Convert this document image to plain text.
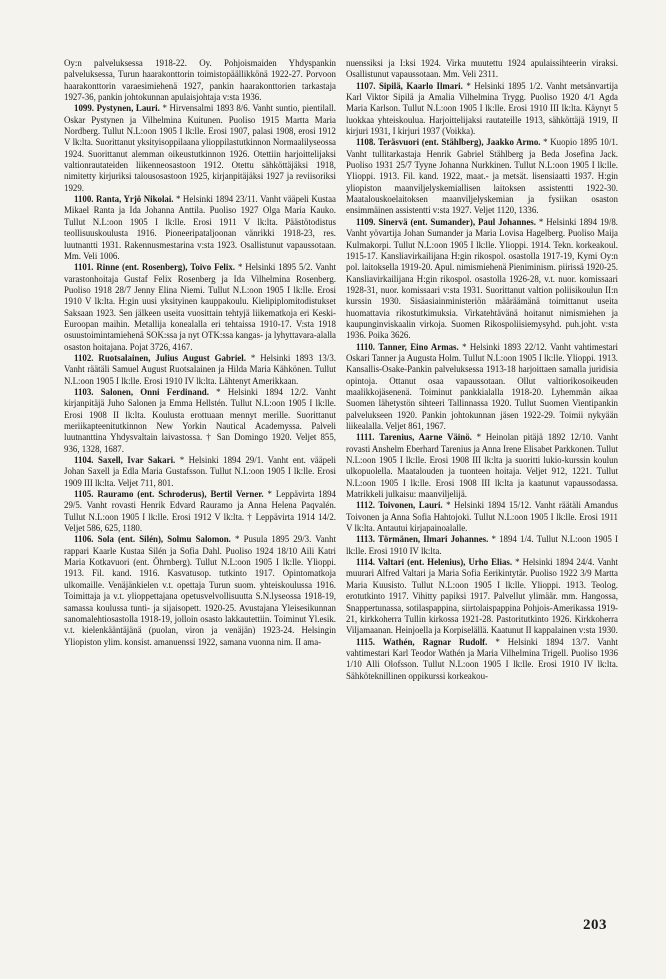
Oy:n palveluksessa 1918-22. Oy. Pohjoismaiden Yhdyspankin palveluksessa, Turun haarakonttorin toimistopäällikkönä 1922-27. Porvoon haarakonttorin varaesimiehenä 1927, pankin haarakonttorien tarkastaja 1927-36, pankin johtokunnan apulaisjohtaja v:sta 1936.

1099. Pystynen, Lauri. * Hirvensalmi 1893 8/6. Vanht suntio, pientilall. Oskar Pystynen ja Vilhelmina Kuitunen. Puoliso 1915 Martta Maria Nordberg. Tullut N.L:oon 1905 I lk:lle. Erosi 1907, palasi 1908, erosi 1912 V lk:lta. Suorittanut yksityisoppilaana ylioppilastutkinnon Normaalilyseossa 1924. Suorittanut alemman oikeustutkinnon 1926. Otettiin harjoittelijaksi valtionrautateiden liikenneosastoon 1912. Otettu sähköttäjäksi 1918, nimitetty kirjuriksi talousosastoon 1925, kirjanpitäjäksi 1927 ja reviisoriksi 1929.

1100. Ranta, Yrjö Nikolai. * Helsinki 1894 23/11. Vanht vääpeli Kustaa Mikael Ranta ja Ida Johanna Anttila. Puoliso 1927 Olga Maria Kauko. Tullut N.L:oon 1905 I lk:lle. Erosi 1911 V lk:lta. Päästötodistus teollisuuskoulusta 1916. Pioneeripataljoonan vänrikki 1918-23, res. luutnantti 1931. Rakennusmestarina v:sta 1923. Osallistunut vapaussotaan. Mm. Veli 1006.

1101. Rinne (ent. Rosenberg), Toivo Felix. * Helsinki 1895 5/2. Vanht varastonhoitaja Gustaf Felix Rosenberg ja Ida Vilhelmina Rosenberg. Puoliso 1918 28/7 Jenny Elina Niemi. Tullut N.L:oon 1905 I lk:lle. Erosi 1910 V lk:lta. H:gin uusi yksityinen kauppakoulu. Kielipiplomitodistukset Saksaan 1923. Sen jälkeen useita vuosittain tehtyjä liikematkoja eri Keski-Euroopan maihin. Metallija konealalla eri tehtaissa 1910-17. V:sta 1918 osuustoimintamiehenä SOK:ssa ja nyt OTK:ssa kangas- ja lyhyttavara-alalla osaston hoitajana. Pojat 3726, 4167.

1102. Ruotsalainen, Julius August Gabriel. * Helsinki 1893 13/3. Vanht räätäli Samuel August Ruotsalainen ja Hilda Maria Kähkönen. Tullut N.L:oon 1905 I lk:lle. Erosi 1910 IV lk:lta. Lähtenyt Amerikkaan.

1103. Salonen, Onni Ferdinand. * Helsinki 1894 12/2. Vanht kirjanpitäjä Juho Salonen ja Emma Hellstén. Tullut N.L:oon 1905 I lk:lle. Erosi 1908 II lk:lta. Koulusta erottuaan mennyt merille. Suorittanut meriikapteenitutkinnon New Yorkin Nautical Academyssa. Palveli luutnanttina Yhdysvaltain laivastossa. † San Domingo 1920. Veljet 855, 936, 1328, 1687.

1104. Saxell, Ivar Sakari. * Helsinki 1894 29/1. Vanht ent. vääpeli Johan Saxell ja Edla Maria Gustafsson. Tullut N.L:oon 1905 I lk:lle. Erosi 1909 III lk:lta. Veljet 711, 801.

1105. Rauramo (ent. Schroderus), Bertil Verner. * Leppävirta 1894 29/5. Vanht rovasti Henrik Edvard Rauramo ja Anna Helena Paqvalén. Tullut N.L:oon 1905 I lk:lle. Erosi 1912 V lk:lta. † Leppävirta 1914 14/2. Veljet 586, 625, 1180.

1106. Sola (ent. Silén), Solmu Salomon. * Pusula 1895 29/3. Vanht rappari Kaarle Kustaa Silén ja Sofia Dahl. Puoliso 1924 18/10 Aili Katri Maria Kotkavuori (ent. Öhrnberg). Tullut N.L:oon 1905 I lk:lle. Ylioppi. 1913. Fil. kand. 1916. Kasvatusop. tutkinto 1917. Opintomatkoja ulkomaille. Venäjänkielen v.t. opettaja Turun suom. yhteiskoulussa 1916. Toimittaja ja v.t. ylioppettajana opetusvelvollisuutta S.N.lyseossa 1918-19, samassa koulussa tunti- ja sijaisopett. 1920-25. Avustajana Yleisesikunnan sanomalehtiosastolla 1918-19, jolloin osasto lakkautettiin. Toiminut Yl.esik. v.t. kielenkääntäjänä (puolan, viron ja venäjän) 1923-24. Helsingin Yliopiston ylim. konsist. amanuenssi 1922, samana vuonna nim. II ama-

nuenssiksi ja I:ksi 1924. Virka muutettu 1924 apulaissihteerin viraksi. Osallistunut vapaussotaan. Mm. Veli 2311.

1107. Sipilä, Kaarlo Ilmari. * Helsinki 1895 1/2. Vanht metsänvartija Karl Viktor Sipilä ja Amalia Vilhelmina Trygg. Puoliso 1920 4/1 Agda Maria Karlson. Tullut N.L:oon 1905 I lk:lle. Erosi 1910 III lk:lta. Käynyt 5 luokkaa yhteiskoulua. Harjoittelijaksi rautateille 1913, sähköttäjä 1919, II kirjuri 1931, I kirjuri 1937 (Voikka).

1108. Teräsvuori (ent. Stählberg), Jaakko Armo. * Kuopio 1895 10/1. Vanht tullitarkastaja Henrik Gabriel Stählberg ja Beda Josefina Jack. Puoliso 1931 25/7 Tyyne Johanna Nurkkinen. Tullut N.L:oon 1905 I lk:lle. Ylioppi. 1913. Fil. kand. 1922, maat.- ja metsät. lisensiaatti 1937. H:gin yliopiston maanviljelyskemiallisen laitoksen assistentti 1922-30. Maatalouskoelaitoksen maanviljelyskemian ja fysiikan osaston ensimmäinen assistentti v:sta 1927. Veljet 1120, 1336.

1109. Sinervä (ent. Sumander), Paul Johannes. * Helsinki 1894 19/8. Vanht yövartija Johan Sumander ja Maria Lovisa Hagelberg. Puoliso Maija Kulmakorpi. Tullut N.L:oon 1905 I lk:lle. Ylioppi. 1914. Tekn. korkeakoul. 1915-17. Kansliavirkailijana H:gin rikospol. osastolla 1917-19, Kymi Oy:n pol. laitoksella 1919-20. Apul. nimismiehenä Pieniminism. piirissä 1920-25. Kansliavirkailijana H:gin rikospol. osastolla 1926-28, v.t. nuor. komissaari 1928-31, nuor. komissaari v:sta 1931. Suorittanut valtion poliisikoulun II:n kurssin 1930. Sisäasiainministeriön määräämänä toimittanut useita huomattavia rikostutkimuksia. Virkatehtävänä hoitanut nimismiehen ja kaupunginviskaalin virkoja. Suomen Rikospoliisiemysyhd. puh.joht. v:sta 1936. Poika 3626.

1110. Tanner, Eino Armas. * Helsinki 1893 22/12. Vanht vahtimestari Oskari Tanner ja Augusta Holm. Tullut N.L:oon 1905 I lk:lle. Ylioppi. 1913. Kansallis-Osake-Pankin palveluksessa 1913-18 harjoittaen samalla juridisia opintoja. Ottanut osaa vapaussotaan. Ollut valtiorikosoikeuden maalikkojäsenenä. Toiminut pankkialalla 1918-20. Lyhemmän aikaa Suomen lähetystön sihteeri Tallinnassa 1920. Tullut Suomen Vientipankin palvelukseen 1920. Pankin johtokunnan jäsen 1922-29. Toimii nykyään liikealalla. Veljet 861, 1967.

1111. Tarenius, Aarne Väinö. * Heinolan pitäjä 1892 12/10. Vanht rovasti Anshelm Eberhard Tarenius ja Anna Irene Elisabet Parkkonen. Tullut N.L:oon 1905 I lk:lle. Erosi 1908 III lk:lta ja suoritti lukio-kurssin koulun ulkopuolella. Maatalouden ja tuonteen hoitaja. Veljet 912, 1221. Tullut N.L:oon 1905 I lk:lle. Erosi 1908 III lk:lta ja kaatunut vapaussodassa. Matrikkeli julkaisu: maanviljelijä.

1112. Toivonen, Lauri. * Helsinki 1894 15/12. Vanht räätäli Amandus Toivonen ja Anna Sofia Hahtojoki. Tullut N.L:oon 1905 I lk:lle. Erosi 1911 V lk:lta. Antautui kirjapainoalalle.

1113. Törmänen, Ilmari Johannes. * 1894 1/4. Tullut N.L:oon 1905 I lk:lle. Erosi 1910 IV lk:lta.

1114. Valtari (ent. Helenius), Urho Elias. * Helsinki 1894 24/4. Vanht muurari Alfred Valtari ja Maria Sofia Eerikintytär. Puoliso 1922 3/9 Martta Maria Kuusisto. Tullut N.L:oon 1905 I lk:lle. Ylioppi. 1913. Teolog. erotutkinto 1917. Vihitty papiksi 1917. Palvellut ylimäär. mm. Hangossa, Snappertunassa, sotilaspappina, siirtolaispappina Pohjois-Amerikassa 1919-21, kirkkoherra Tullin kirkossa 1921-28. Pastoritutkinto 1926. Kirkkoherra Viljamaanan. Heinjoella ja Korpiselällä. Kaatunut II kappalainen v:sta 1930.

1115. Wathén, Ragnar Rudolf. * Helsinki 1894 13/7. Vanht vahtimestari Karl Teodor Wathén ja Maria Vilhelmina Trigell. Puoliso 1936 1/10 Alli Olofsson. Tullut N.L:oon 1905 I lk:lle. Erosi 1910 IV lk:lta. Sähköteknillinen oppikurssi korkeakou-

203
